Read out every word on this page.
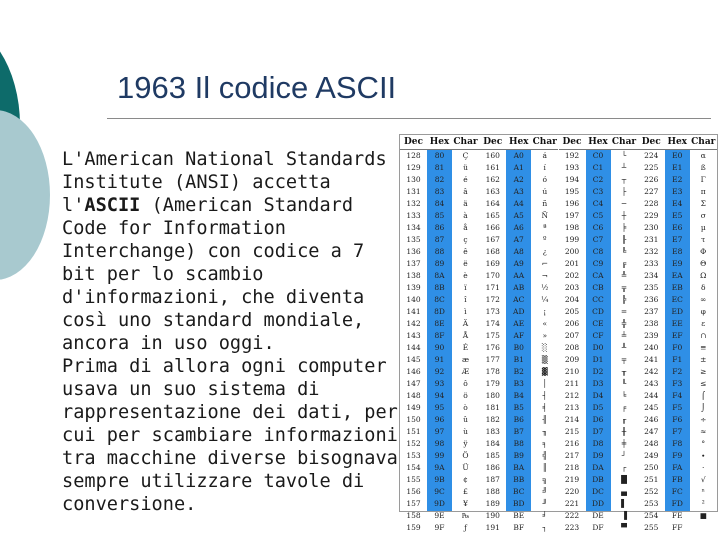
1963 Il codice ASCII

L'American National Standards Institute (ANSI) accetta l'ASCII (American Standard Code for Information Interchange) con codice a 7 bit per lo scambio d'informazioni, che diventa così uno standard mondiale, ancora in uso oggi.

Prima di allora ogni computer usava un suo sistema di rappresentazione dei dati, per cui per scambiare informazioni tra macchine diverse bisognava sempre utilizzare tavole di conversione.

Dec
128
129
130
131
132
133
134
135
136
137
138
139
140
141
142
143
144
145
146
147
148
149
150
151
152
153
154
155
156
157
158
159
Hex
80
81
82
83
84
85
86
87
88
89
8A
8B
8C
8D
8E
8F
90
91
92
93
94
95
96
97
98
99
9A
9B
9C
9D
9E
9F
Char
Ç
ü
é
â
ä
à
å
ç
ê
ë
è
ï
î
ì
Ä
Å
É
æ
Æ
ô
ö
ò
û
ù
ÿ
Ö
Ü
¢
£
¥
₧
ƒ
Dec
160
161
162
163
164
165
166
167
168
169
170
171
172
173
174
175
176
177
178
179
180
181
182
183
184
185
186
187
188
189
190
191
Hex
A0
A1
A2
A3
A4
A5
A6
A7
A8
A9
AA
AB
AC
AD
AE
AF
B0
B1
B2
B3
B4
B5
B6
B7
B8
B9
BA
BB
BC
BD
BE
BF
Char
á
í
ó
ú
ñ
Ñ
ª
º
¿
⌐
¬
½
¼
¡
«
»
░
▒
▓
│
┤
╡
╢
╖
╕
╣
║
╗
╝
╜
╛
┐
Dec
192
193
194
195
196
197
198
199
200
201
202
203
204
205
206
207
208
209
210
211
212
213
214
215
216
217
218
219
220
221
222
223
Hex
C0
C1
C2
C3
C4
C5
C6
C7
C8
C9
CA
CB
CC
CD
CE
CF
D0
D1
D2
D3
D4
D5
D6
D7
D8
D9
DA
DB
DC
DD
DE
DF
Char
└
┴
┬
├
─
┼
╞
╟
╚
╔
╩
╦
╠
═
╬
╧
╨
╤
╥
╙
╘
╒
╓
╫
╪
┘
┌
█
▄
▌
▐
▀
Dec
224
225
226
227
228
229
230
231
232
233
234
235
236
237
238
239
240
241
242
243
244
245
246
247
248
249
250
251
252
253
254
255
Hex
E0
E1
E2
E3
E4
E5
E6
E7
E8
E9
EA
EB
EC
ED
EE
EF
F0
F1
F2
F3
F4
F5
F6
F7
F8
F9
FA
FB
FC
FD
FE
FF
Char
α
ß
Γ
π
Σ
σ
µ
τ
Φ
Θ
Ω
δ
∞
φ
ε
∩
≡
±
≥
≤
⌠
⌡
÷
≈
°
∙
·
√
ⁿ
²
■
